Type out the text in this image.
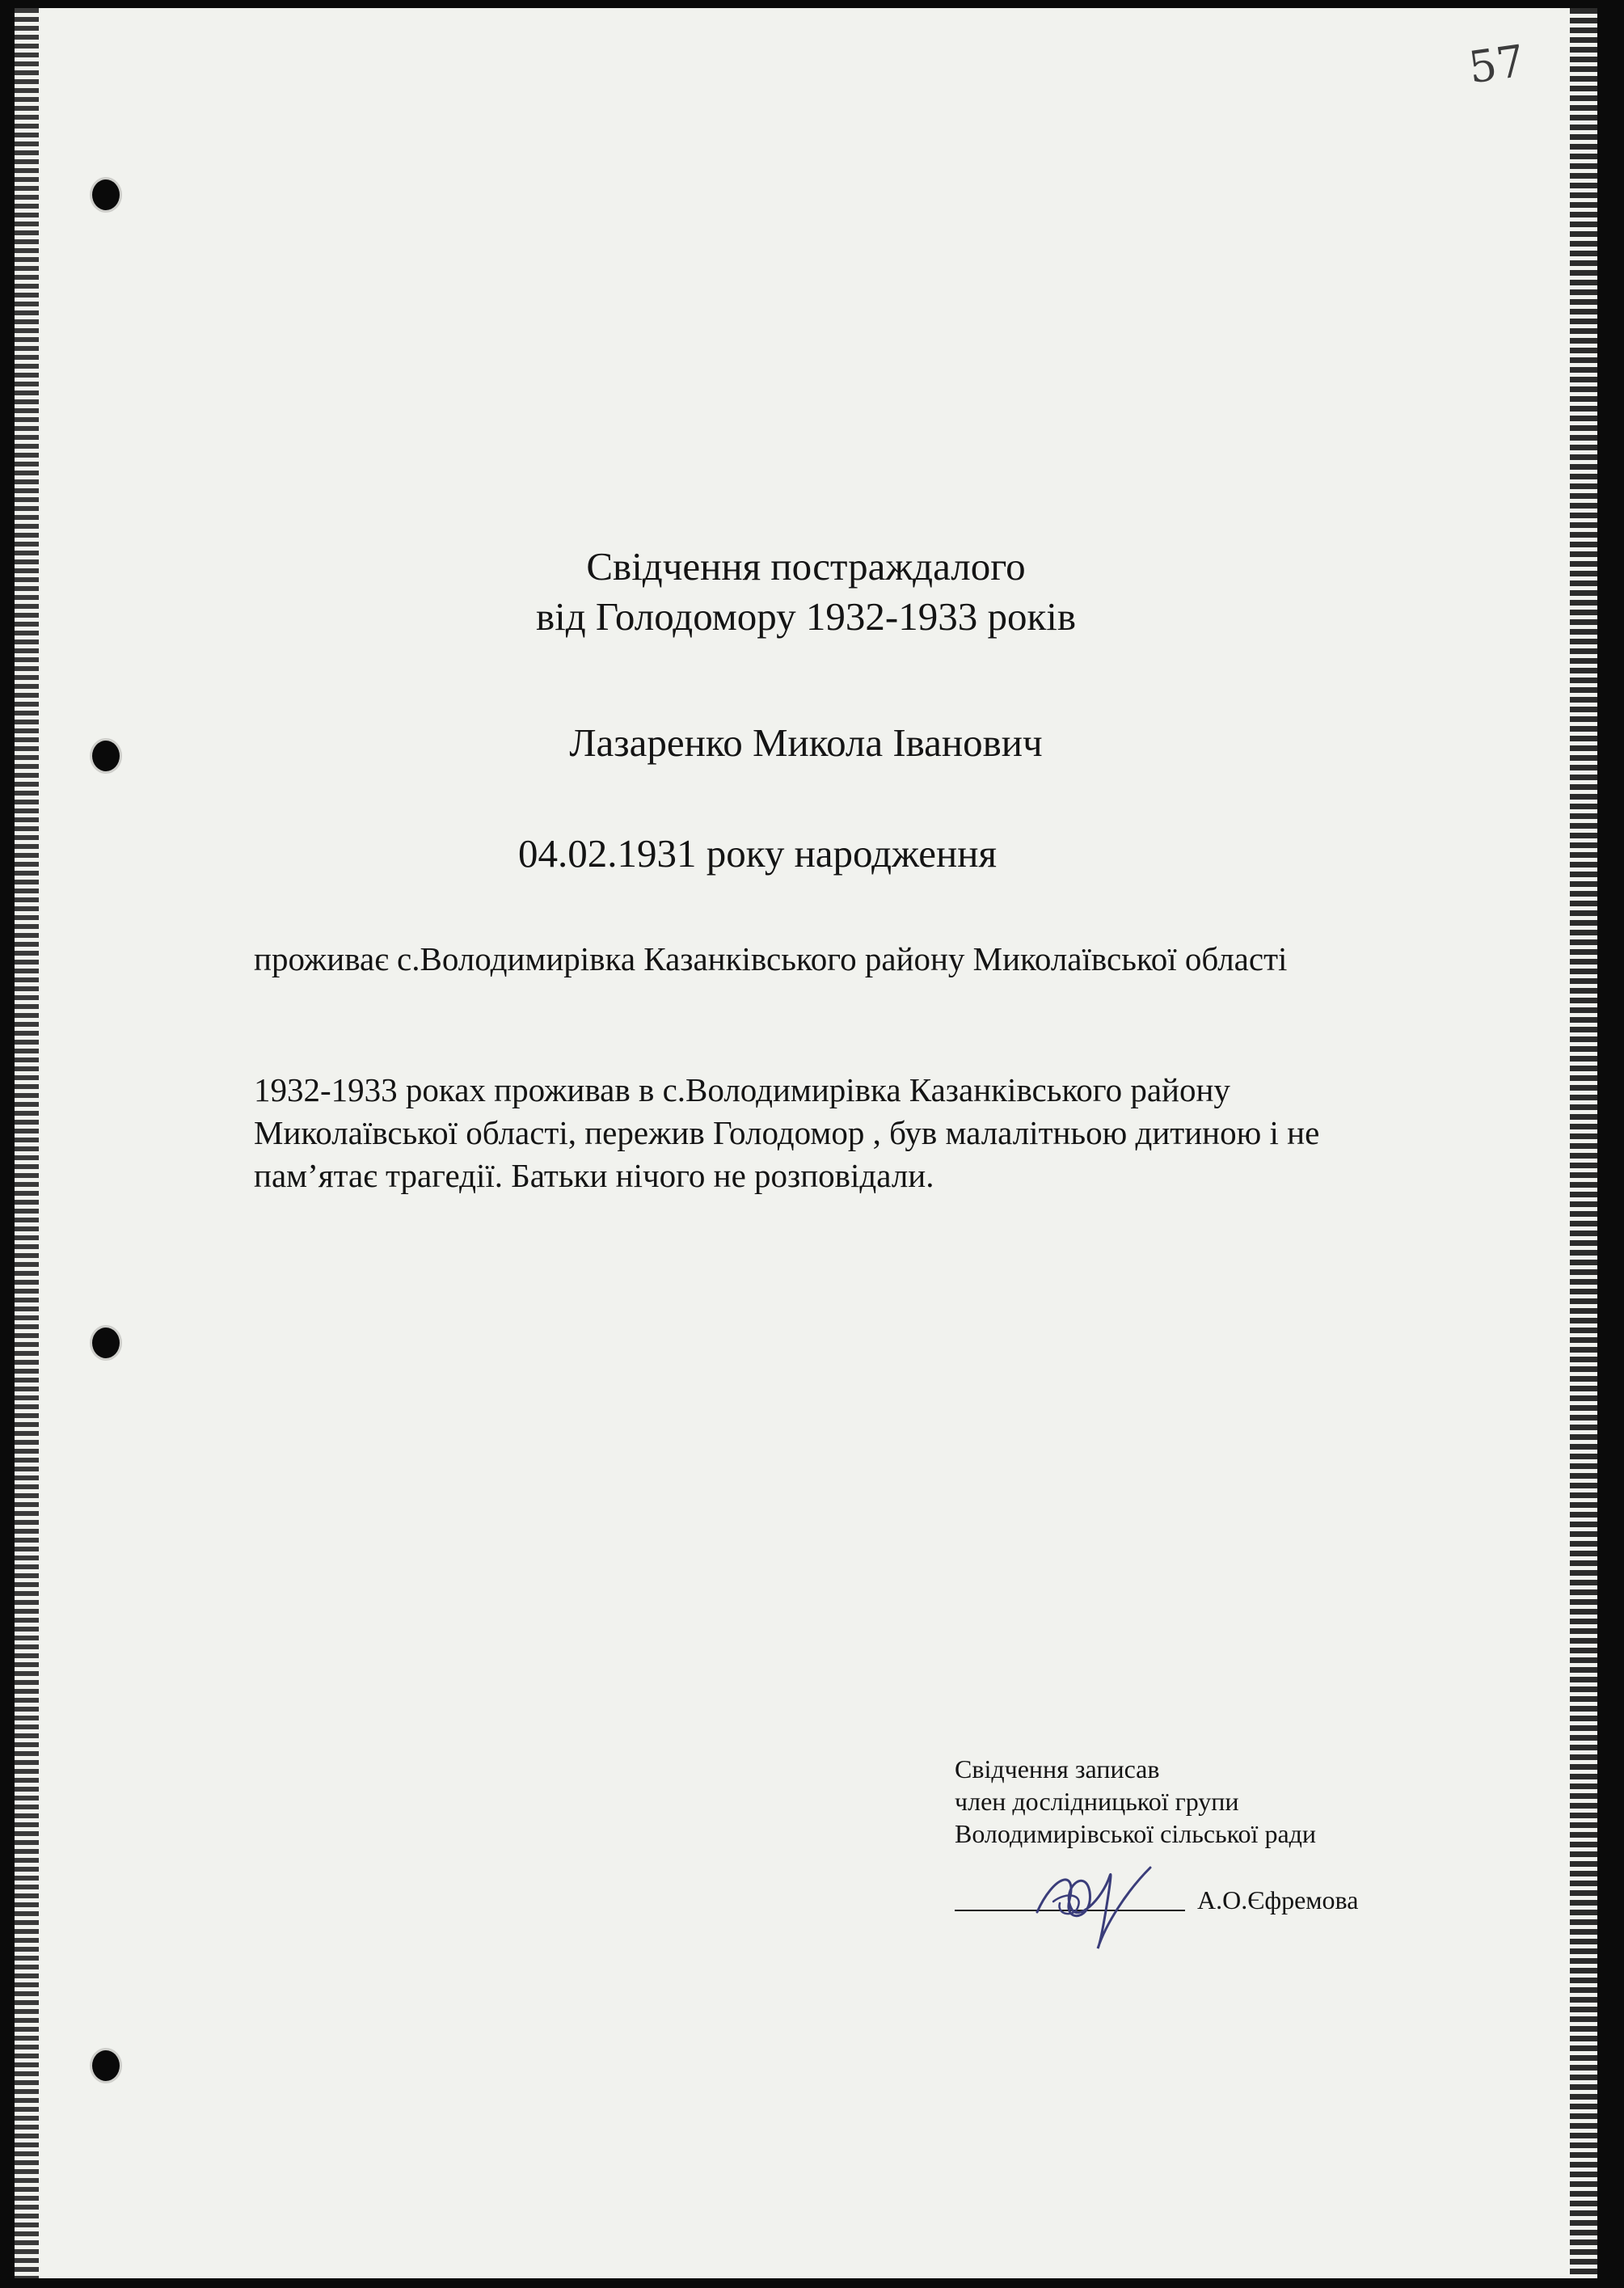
57
Свідчення постраждалого
від Голодомору 1932-1933 років
Лазаренко Микола Іванович
04.02.1931 року народження

проживає с.Володимирівка Казанківського району Миколаївської області

1932-1933 роках проживав в с.Володимирівка Казанківського району Миколаївської області, пережив Голодомор , був малалітньою дитиною і не пам’ятає трагедії. Батьки нічого не розповідали.

Свідчення записав
член дослідницької групи
Володимирівської сільської ради
А.О.Єфремова
